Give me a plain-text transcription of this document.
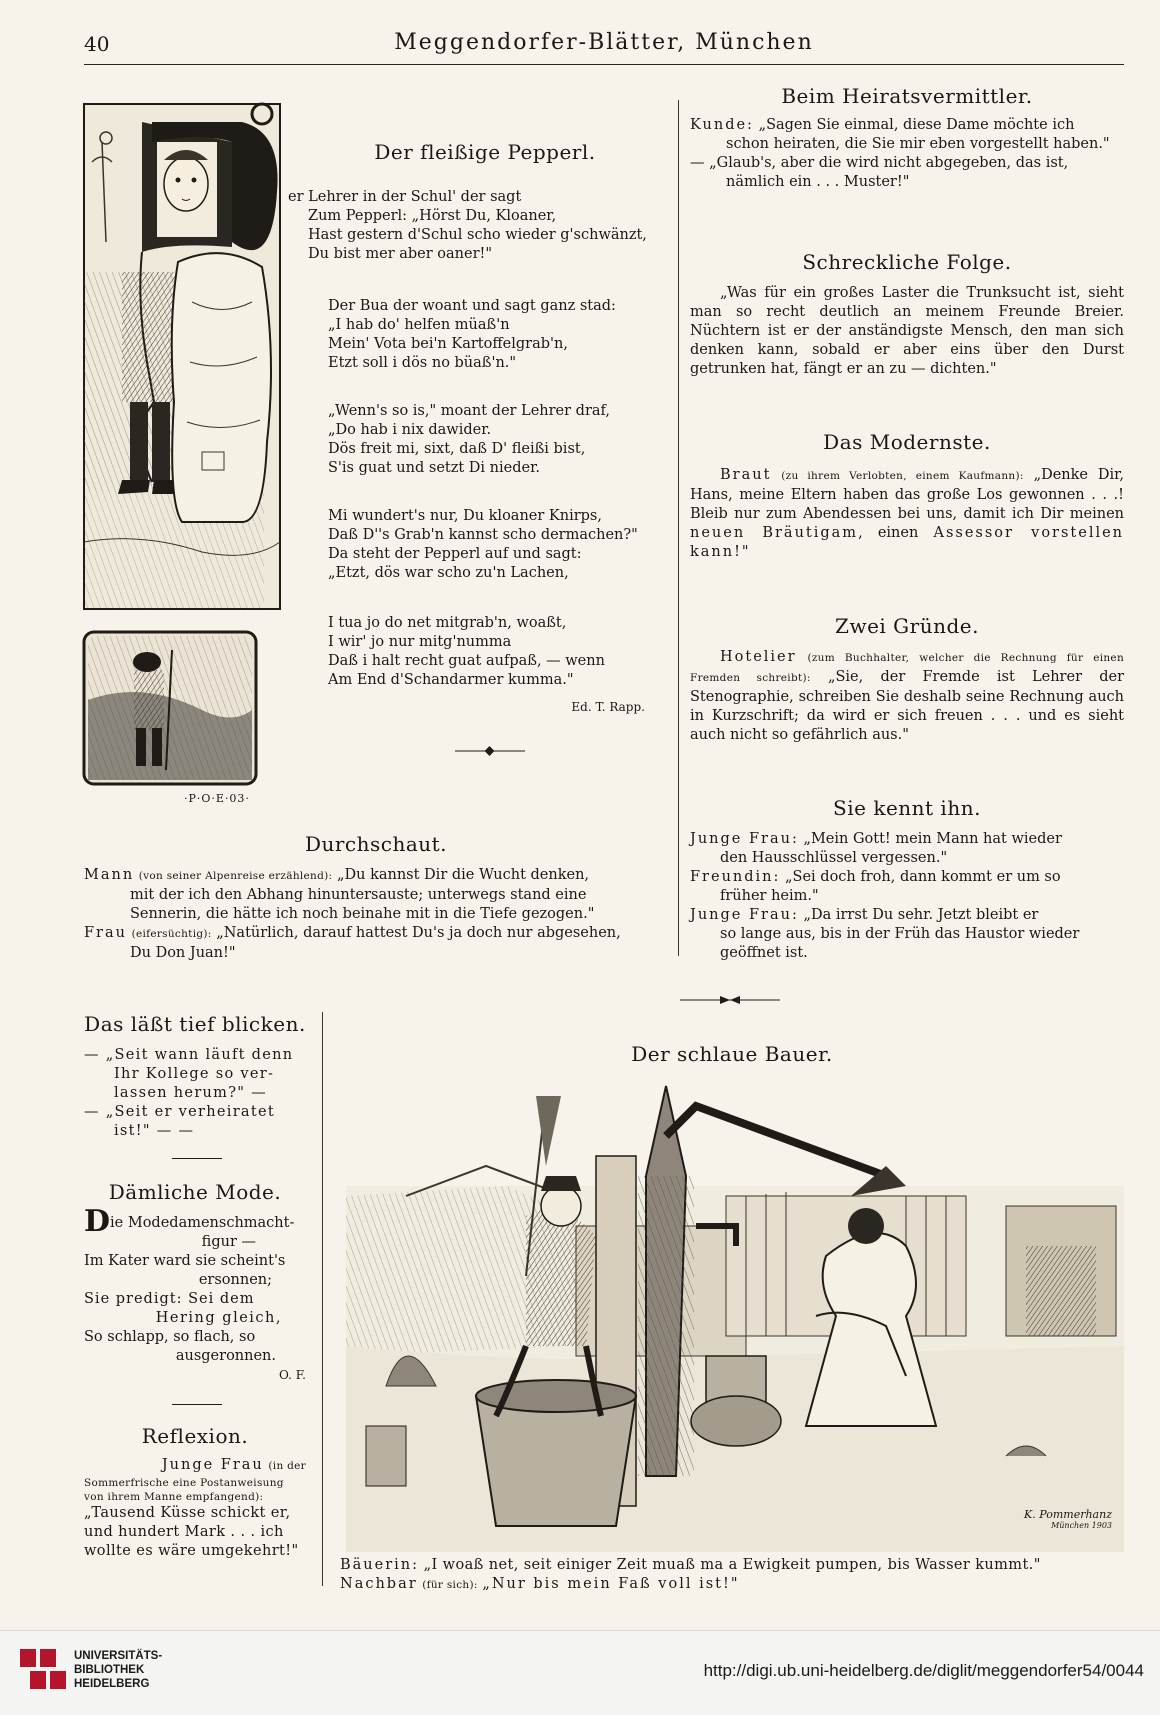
40	Meggendorfer-Blätter, München
·P·O·E·03·
Der fleißige Pepperl.

er Lehrer in der Schul' der sagt

Zum Pepperl: „Hörst Du, Kloaner,

Hast gestern d'Schul scho wieder g'schwänzt,

Du bist mer aber oaner!"

Der Bua der woant und sagt ganz stad:

„I hab do' helfen müaß'n

Mein' Vota bei'n Kartoffelgrab'n,

Etzt soll i dös no büaß'n."

„Wenn's so is," moant der Lehrer draf,

„Do hab i nix dawider.

Dös freit mi, sixt, daß D' fleißi bist,

S'is guat und setzt Di nieder.

Mi wundert's nur, Du kloaner Knirps,

Daß D''s Grab'n kannst scho dermachen?"

Da steht der Pepperl auf und sagt:

„Etzt, dös war scho zu'n Lachen,

I tua jo do net mitgrab'n, woaßt,

I wir' jo nur mitg'numma

Daß i halt recht guat aufpaß, — wenn

Am End d'Schandarmer kumma."

Ed. T. Rapp.
Durchschaut.

Mann (von seiner Alpenreise erzählend): „Du kannst Dir die Wucht denken,

mit der ich den Abhang hinuntersauste; unterwegs stand eine

Sennerin, die hätte ich noch beinahe mit in die Tiefe gezogen."

Frau (eifersüchtig): „Natürlich, darauf hattest Du's ja doch nur abgesehen,

Du Don Juan!"

Beim Heiratsvermittler.

Kunde: „Sagen Sie einmal, diese Dame möchte ich

schon heiraten, die Sie mir eben vorgestellt haben."

— „Glaub's, aber die wird nicht abgegeben, das ist,

nämlich ein . . . Muster!"

Schreckliche Folge.
„Was für ein großes Laster die Trunksucht ist, sieht man so recht deutlich an meinem Freunde Breier. Nüchtern ist er der anständigste Mensch, den man sich denken kann, sobald er aber eins über den Durst getrunken hat, fängt er an zu — dichten."
Das Modernste.
Braut (zu ihrem Verlobten, einem Kaufmann): „Denke Dir, Hans, meine Eltern haben das große Los gewonnen . . .! Bleib nur zum Abendessen bei uns, damit ich Dir meinen neuen Bräutigam, einen Assessor vorstellen kann!"
Zwei Gründe.
Hotelier (zum Buchhalter, welcher die Rechnung für einen Fremden schreibt): „Sie, der Fremde ist Lehrer der Stenographie, schreiben Sie deshalb seine Rechnung auch in Kurzschrift; da wird er sich freuen . . . und es sieht auch nicht so gefährlich aus."
Sie kennt ihn.

Junge Frau: „Mein Gott! mein Mann hat wieder

den Hausschlüssel vergessen."

Freundin: „Sei doch froh, dann kommt er um so

früher heim."

Junge Frau: „Da irrst Du sehr. Jetzt bleibt er

so lange aus, bis in der Früh das Haustor wieder

geöffnet ist.

Das läßt tief blicken.

— „Seit wann läuft denn

Ihr Kollege so ver-

lassen herum?" —

— „Seit er verheiratet

ist!" — —

Dämliche Mode.

Die Modedamenschmacht-

figur —

Im Kater ward sie scheint's

ersonnen;

Sie predigt: Sei dem

Hering gleich,

So schlapp, so flach, so

ausgeronnen.

O. F.

Reflexion.

Junge Frau (in der

Sommerfrische eine Postanweisung

von ihrem Manne empfangend):

„Tausend Küsse schickt er,

und hundert Mark . . . ich

wollte es wäre umgekehrt!"

Der schlaue Bauer.
K. Pommerhanz
München 1903

Bäuerin: „I woaß net, seit einiger Zeit muaß ma a Ewigkeit pumpen, bis Wasser kummt."

Nachbar (für sich): „Nur bis mein Faß voll ist!"

UNIVERSITÄTS-
BIBLIOTHEK
HEIDELBERG
http://digi.ub.uni-heidelberg.de/diglit/meggendorfer54/0044
